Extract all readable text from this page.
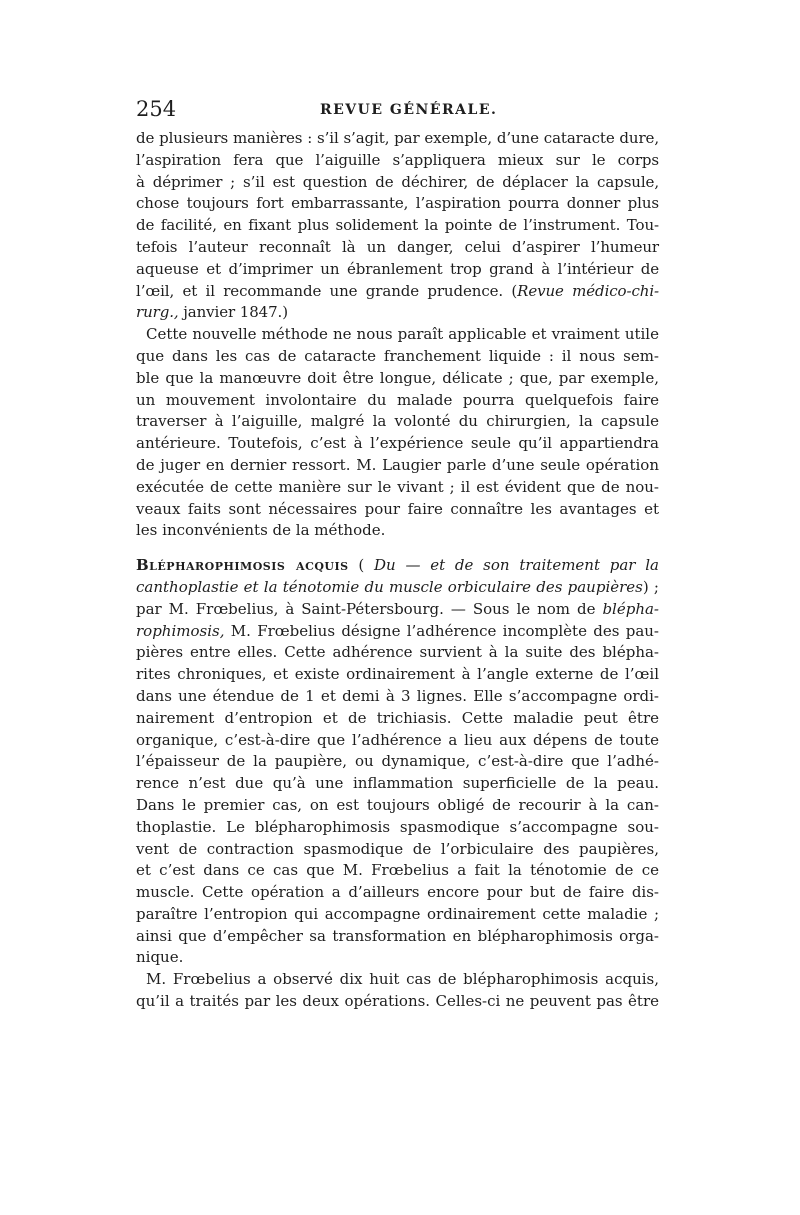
254	REVUE GÉNÉRALE.
de plusieurs manières : s’il s’agit, par exemple, d’une cataracte dure,
l’aspiration fera que l’aiguille s’appliquera mieux sur le corps
à déprimer ; s’il est question de déchirer, de déplacer la capsule,
chose toujours fort embarrassante, l’aspiration pourra donner plus
de facilité, en fixant plus solidement la pointe de l’instrument. Tou-
tefois l’auteur reconnaît là un danger, celui d’aspirer l’humeur
aqueuse et d’imprimer un ébranlement trop grand à l’intérieur de
l’œil, et il recommande une grande prudence. (Revue médico-chi-
rurg., janvier 1847.)
Cette nouvelle méthode ne nous paraît applicable et vraiment utile
que dans les cas de cataracte franchement liquide : il nous sem-
ble que la manœuvre doit être longue, délicate ; que, par exemple,
un mouvement involontaire du malade pourra quelquefois faire
traverser à l’aiguille, malgré la volonté du chirurgien, la capsule
antérieure. Toutefois, c’est à l’expérience seule qu’il appartiendra
de juger en dernier ressort. M. Laugier parle d’une seule opération
exécutée de cette manière sur le vivant ; il est évident que de nou-
veaux faits sont nécessaires pour faire connaître les avantages et
les inconvénients de la méthode.
Blépharophimosis acquis ( Du — et de son traitement par la
canthoplastie et la ténotomie du muscle orbiculaire des paupières) ;
par M. Frœbelius, à Saint-Pétersbourg. — Sous le nom de blépha-
rophimosis, M. Frœbelius désigne l’adhérence incomplète des pau-
pières entre elles. Cette adhérence survient à la suite des blépha-
rites chroniques, et existe ordinairement à l’angle externe de l’œil
dans une étendue de 1 et demi à 3 lignes. Elle s’accompagne ordi-
nairement d’entropion et de trichiasis. Cette maladie peut être
organique, c’est-à-dire que l’adhérence a lieu aux dépens de toute
l’épaisseur de la paupière, ou dynamique, c’est-à-dire que l’adhé-
rence n’est due qu’à une inflammation superficielle de la peau.
Dans le premier cas, on est toujours obligé de recourir à la can-
thoplastie. Le blépharophimosis spasmodique s’accompagne sou-
vent de contraction spasmodique de l’orbiculaire des paupières,
et c’est dans ce cas que M. Frœbelius a fait la ténotomie de ce
muscle. Cette opération a d’ailleurs encore pour but de faire dis-
paraître l’entropion qui accompagne ordinairement cette maladie ;
ainsi que d’empêcher sa transformation en blépharophimosis orga-
nique.
M. Frœbelius a observé dix huit cas de blépharophimosis acquis,
qu’il a traités par les deux opérations. Celles-ci ne peuvent pas être
